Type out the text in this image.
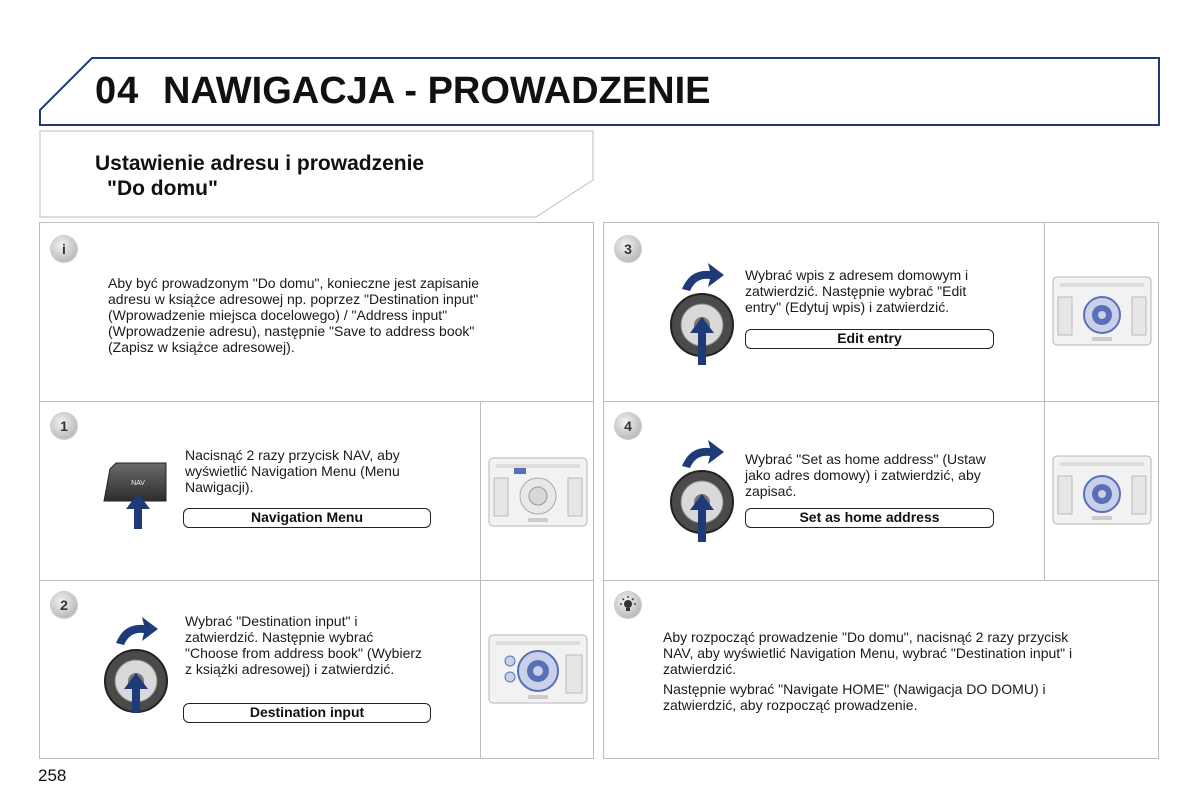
04 NAWIGACJA - PROWADZENIE
Ustawienie adresu i prowadzenie
"Do domu"
i
Aby być prowadzonym "Do domu", konieczne jest zapisanie
adresu w książce adresowej np. poprzez "Destination input"
(Wprowadzenie miejsca docelowego) / "Address input"
(Wprowadzenie adresu), następnie "Save to address book"
(Zapisz w książce adresowej).
1
NAV
Nacisnąć 2 razy przycisk NAV, aby
wyświetlić Navigation Menu (Menu
Nawigacji).
Navigation Menu
2
Wybrać "Destination input" i
zatwierdzić. Następnie wybrać
"Choose from address book" (Wybierz
z książki adresowej) i zatwierdzić.
Destination input
3
Wybrać wpis z adresem domowym i
zatwierdzić. Następnie wybrać "Edit
entry" (Edytuj wpis) i zatwierdzić.
Edit entry
4
Wybrać "Set as home address" (Ustaw
jako adres domowy) i zatwierdzić, aby
zapisać.
Set as home address
Aby rozpocząć prowadzenie "Do domu", nacisnąć 2 razy przycisk
NAV, aby wyświetlić Navigation Menu, wybrać "Destination input" i
zatwierdzić.
Następnie wybrać "Navigate HOME" (Nawigacja DO DOMU) i
zatwierdzić, aby rozpocząć prowadzenie.
258
